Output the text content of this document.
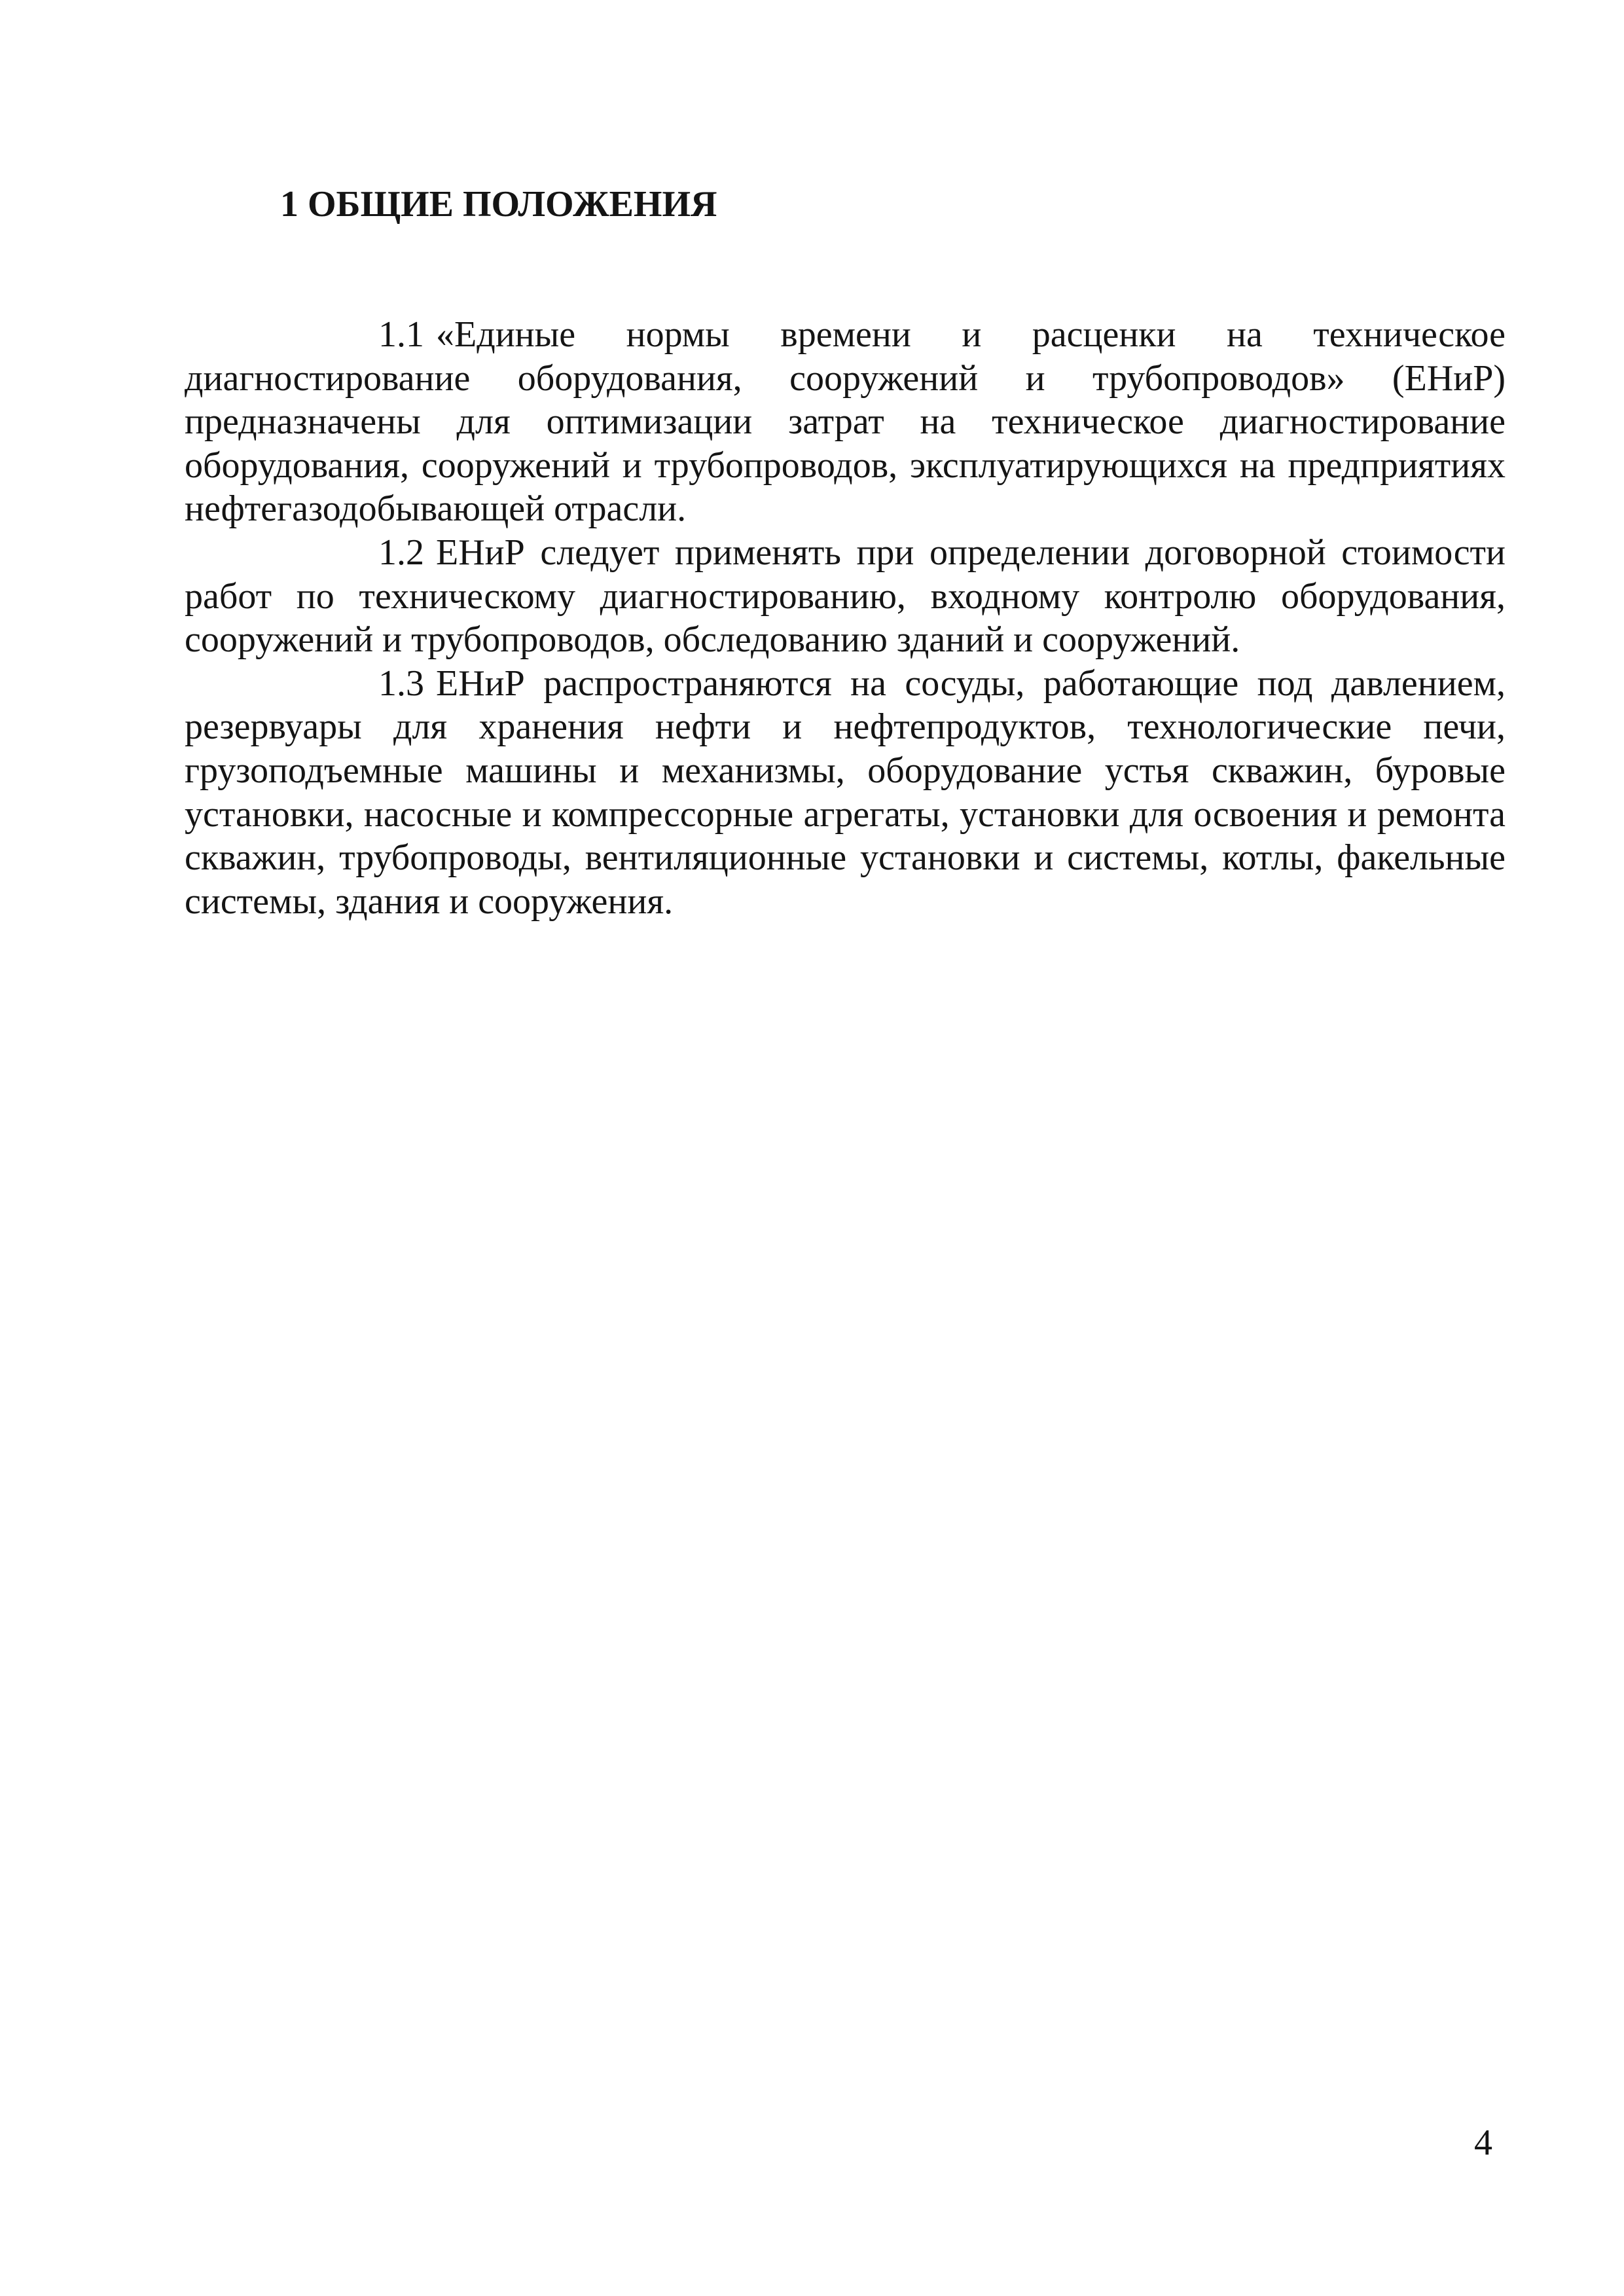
1 ОБЩИЕ ПОЛОЖЕНИЯ

1.1 «Единые нормы времени и расценки на техническое диагностирование оборудования, сооружений и трубопроводов» (ЕНиР) предназначены для оптимизации затрат на техническое диагностирование оборудования, сооружений и трубопроводов, эксплуатирующихся на предприятиях нефтегазодобывающей отрасли.

1.2 ЕНиР следует применять при определении договорной стоимости работ по техническому диагностированию, входному контролю оборудования, сооружений и трубопроводов, обследованию зданий и сооружений.

1.3 ЕНиР распространяются на сосуды, работающие под давлением, резервуары для хранения нефти и нефтепродуктов, технологические печи, грузоподъемные машины и механизмы, оборудование устья скважин, буровые установки, насосные и компрессорные агрегаты, установки для освоения и ремонта скважин, трубопроводы, вентиляционные установки и системы, котлы, факельные системы, здания и сооружения.

4
